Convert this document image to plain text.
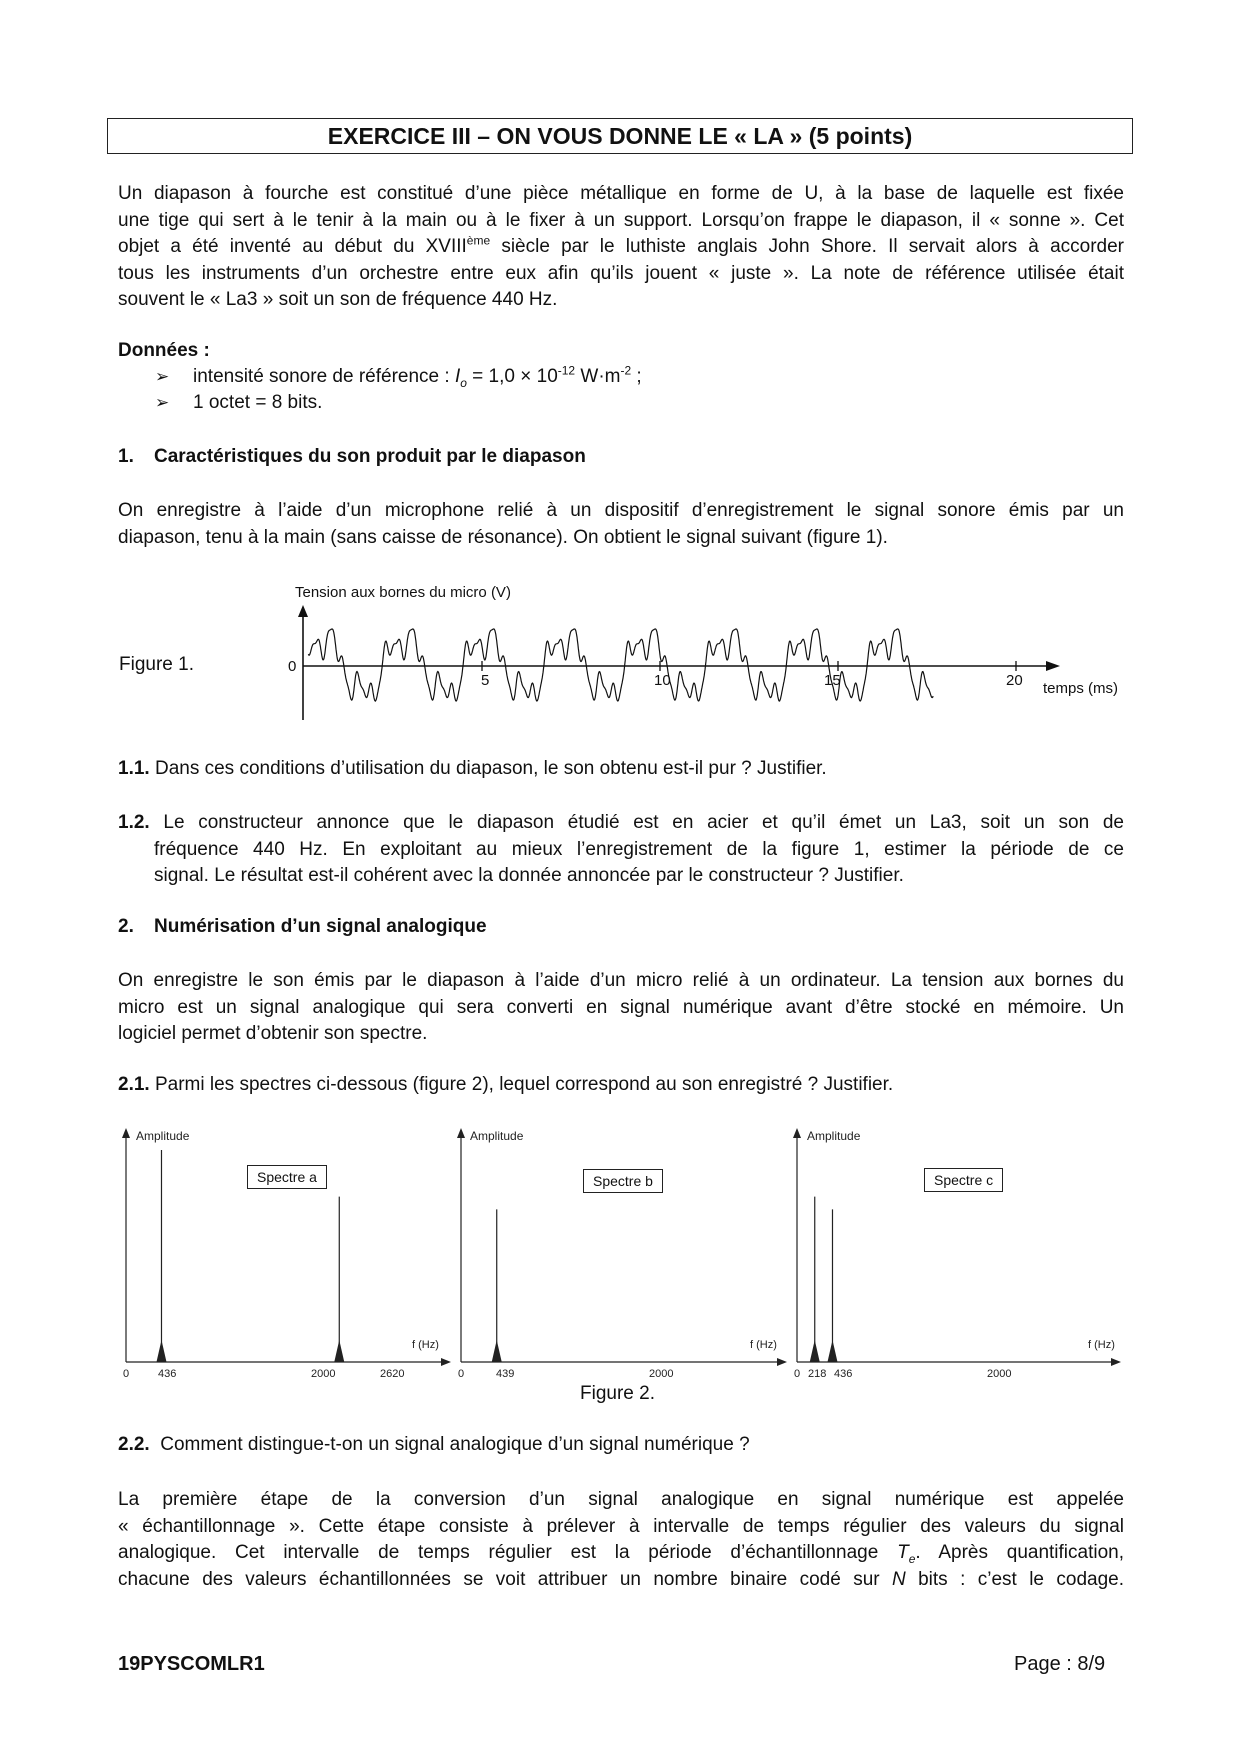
EXERCICE III – ON VOUS DONNE LE « LA » (5 points)
Un diapason à fourche est constitué d’une pièce métallique en forme de U, à la base de laquelle est fixée
une tige qui sert à le tenir à la main ou à le fixer à un support. Lorsqu’on frappe le diapason, il « sonne ». Cet
objet a été inventé au début du XVIIIème siècle par le luthiste anglais John Shore. Il servait alors à accorder
tous les instruments d’un orchestre entre eux afin qu’ils jouent « juste ». La note de référence utilisée était
souvent le « La3 » soit un son de fréquence 440 Hz.
Données :
➢ intensité sonore de référence : $I_o = 1,0 \times 10^{-12}$ $W\cdot m^{-2}$ ;
➢ 1 octet = 8 bits.
1. Caractéristiques du son produit par le diapason
On enregistre à l’aide d’un microphone relié à un dispositif d’enregistrement le signal sonore émis par un
diapason, tenu à la main (sans caisse de résonance). On obtient le signal suivant (figure 1).
Figure 1.
Tension aux bornes du micro (V)
0
5	10	15	20 temps (ms)
1.1. Dans ces conditions d’utilisation du diapason, le son obtenu est-il pur ? Justifier.
1.2. Le constructeur annonce que le diapason étudié est en acier et qu’il émet un La3, soit un son de
fréquence 440 Hz. En exploitant au mieux l’enregistrement de la figure 1, estimer la période de ce
signal. Le résultat est-il cohérent avec la donnée annoncée par le constructeur ? Justifier.
2. Numérisation d’un signal analogique
On enregistre le son émis par le diapason à l’aide d’un micro relié à un ordinateur. La tension aux bornes du
micro est un signal analogique qui sera converti en signal numérique avant d’être stocké en mémoire. Un
logiciel permet d’obtenir son spectre.
2.1. Parmi les spectres ci-dessous (figure 2), lequel correspond au son enregistré ? Justifier.
Amplitude
f (Hz)
0	436	2000	2620
Amplitude
f (Hz)
0	439	2000
Amplitude
f (Hz)
0 218 436	2000
Spectre a	Spectre b	Spectre c
Figure 2.
2.2.  Comment distingue-t-on un signal analogique d’un signal numérique ?
La première étape de la conversion d’un signal analogique en signal numérique est appelée
« échantillonnage ». Cette étape consiste à prélever à intervalle de temps régulier des valeurs du signal
analogique. Cet intervalle de temps régulier est la période d’échantillonnage $T_e$. Après quantification,
chacune des valeurs échantillonnées se voit attribuer un nombre binaire codé sur N bits : c’est le codage.
19PYSCOMLR1	Page : 8/9
